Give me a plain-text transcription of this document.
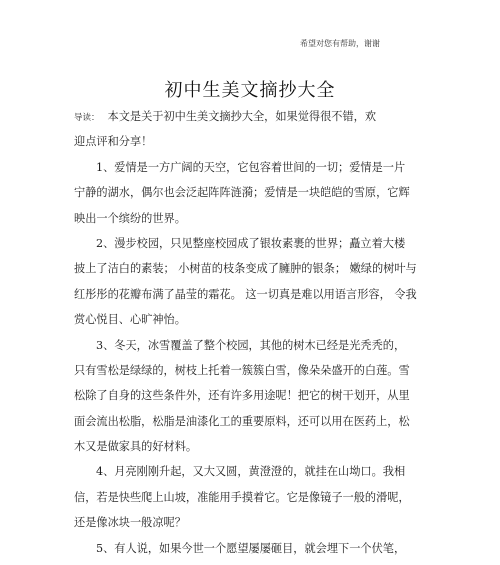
希望对您有帮助，谢谢
初中生美文摘抄大全
导读： 本文是关于初中生美文摘抄大全，如果觉得很不错，欢
迎点评和分享！
1、爱情是一方广阔的天空，它包容着世间的一切；爱情是一片
宁静的湖水，偶尔也会泛起阵阵涟漪；爱情是一块皑皑的雪原，它辉
映出一个缤纷的世界。
2、漫步校园，只见整座校园成了银妆素裹的世界；矗立着大楼
披上了洁白的素装； 小树苗的枝条变成了臃肿的银条； 嫩绿的树叶与
红彤彤的花瓣布满了晶莹的霜花。 这一切真是难以用语言形容， 令我
赏心悦目、心旷神怡。
3、冬天，冰雪覆盖了整个校园，其他的树木已经是光秃秃的，
只有雪松是绿绿的，树枝上托着一簇簇白雪，像朵朵盛开的白莲。雪
松除了自身的这些条件外，还有许多用途呢！把它的树干划开，从里
面会流出松脂，松脂是油漆化工的重要原料，还可以用在医药上，松
木又是做家具的好材料。
4、月亮刚刚升起，又大又圆，黄澄澄的，就挂在山坳口。我相
信，若是快些爬上山坡，准能用手摸着它。它是像镜子一般的滑呢，
还是像冰块一般凉呢？
5、有人说，如果今世一个愿望屡屡砸目，就会埋下一个伏笔，
